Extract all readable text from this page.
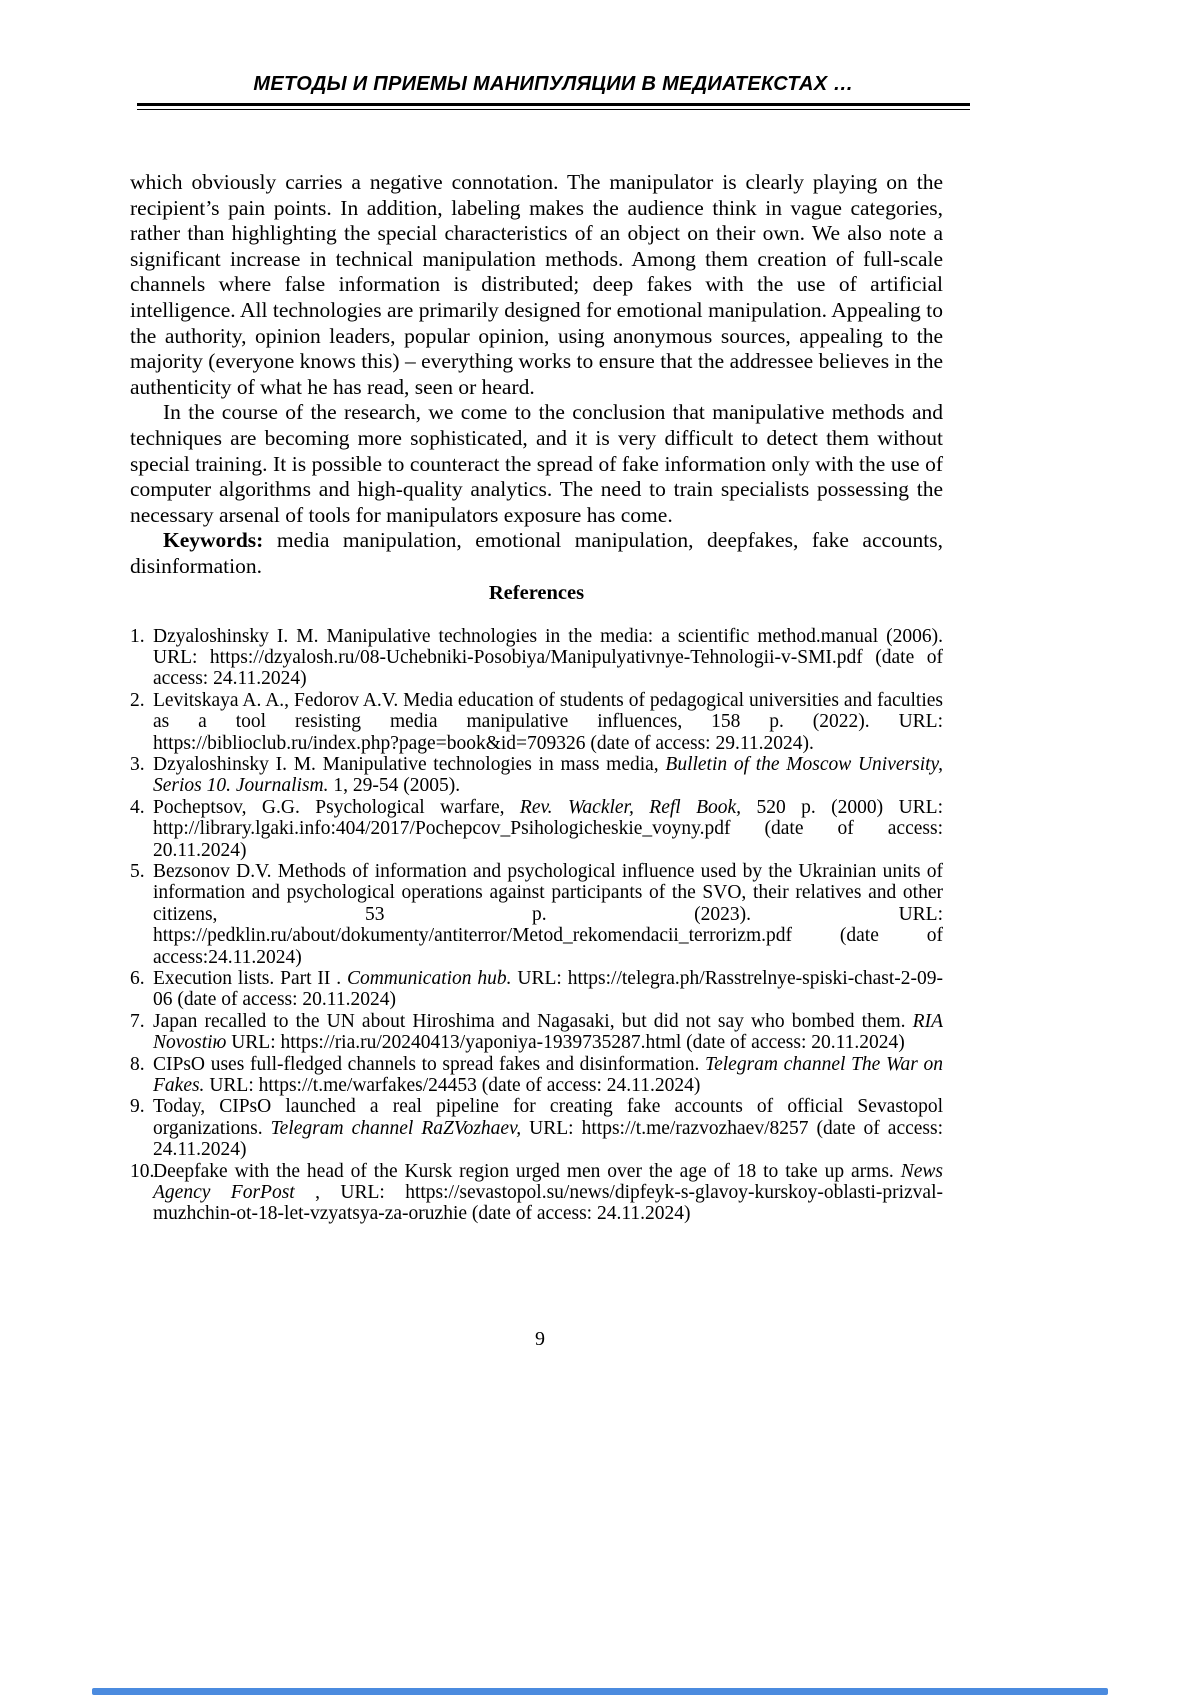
МЕТОДЫ И ПРИЕМЫ МАНИПУЛЯЦИИ В МЕДИАТЕКСТАХ …

which obviously carries a negative connotation. The manipulator is clearly playing on the recipient’s pain points. In addition, labeling makes the audience think in vague categories, rather than highlighting the special characteristics of an object on their own. We also note a significant increase in technical manipulation methods. Among them creation of full-scale channels where false information is distributed; deep fakes with the use of artificial intelligence. All technologies are primarily designed for emotional manipulation. Appealing to the authority, opinion leaders, popular opinion, using anonymous sources, appealing to the majority (everyone knows this) – everything works to ensure that the addressee believes in the authenticity of what he has read, seen or heard.

In the course of the research, we come to the conclusion that manipulative methods and techniques are becoming more sophisticated, and it is very difficult to detect them without special training. It is possible to counteract the spread of fake information only with the use of computer algorithms and high-quality analytics. The need to train specialists possessing the necessary arsenal of tools for manipulators exposure has come.

Keywords: media manipulation, emotional manipulation, deepfakes, fake accounts, disinformation.

References
1. Dzyaloshinsky I. M. Manipulative technologies in the media: a scientific method.manual (2006). URL: https://dzyalosh.ru/08-Uchebniki-Posobiya/Manipulyativnye-Tehnologii-v-SMI.pdf (date of access: 24.11.2024)
2. Levitskaya A. A., Fedorov A.V. Media education of students of pedagogical universities and faculties as a tool resisting media manipulative influences, 158 p. (2022). URL: https://biblioclub.ru/index.php?page=book&id=709326 (date of access: 29.11.2024).
3. Dzyaloshinsky I. M. Manipulative technologies in mass media, Bulletin of the Moscow University, Serios 10. Journalism. 1, 29-54 (2005).
4. Pocheptsov, G.G. Psychological warfare, Rev. Wackler, Refl Book, 520 p. (2000) URL: http://library.lgaki.info:404/2017/Pochepcov_Psihologicheskie_voyny.pdf (date of access: 20.11.2024)
5. Bezsonov D.V. Methods of information and psychological influence used by the Ukrainian units of information and psychological operations against participants of the SVO, their relatives and other citizens, 53 p. (2023). URL: https://pedklin.ru/about/dokumenty/antiterror/Metod_rekomendacii_terrorizm.pdf (date of access:24.11.2024)
6. Execution lists. Part II . Communication hub. URL: https://telegra.ph/Rasstrelnye-spiski-chast-2-09-06 (date of access: 20.11.2024)
7. Japan recalled to the UN about Hiroshima and Nagasaki, but did not say who bombed them. RIA Novostiю URL: https://ria.ru/20240413/yaponiya-1939735287.html (date of access: 20.11.2024)
8. CIPsO uses full-fledged channels to spread fakes and disinformation. Telegram channel The War on Fakes. URL: https://t.me/warfakes/24453 (date of access: 24.11.2024)
9. Today, CIPsO launched a real pipeline for creating fake accounts of official Sevastopol organizations. Telegram channel RaZVozhaev, URL: https://t.me/razvozhaev/8257 (date of access: 24.11.2024)
10.
Deepfake with the head of the Kursk region urged men over the age of 18 to take up arms. News Agency ForPost , URL: https://sevastopol.su/news/dipfeyk-s-glavoy-kurskoy-oblasti-prizval-muzhchin-ot-18-let-vzyatsya-za-oruzhie (date of access: 24.11.2024)
9
